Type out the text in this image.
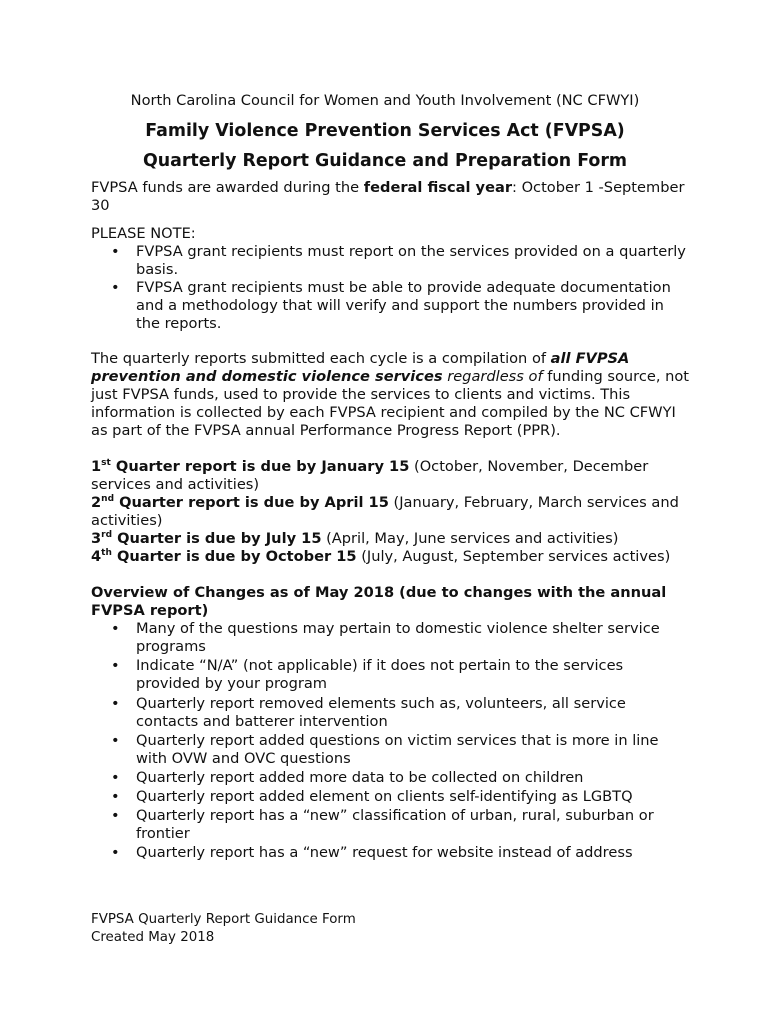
North Carolina Council for Women and Youth Involvement (NC CFWYI)

Family Violence Prevention Services Act (FVPSA)

Quarterly Report Guidance and Preparation Form

FVPSA funds are awarded during the federal fiscal year: October 1 -September 30

PLEASE NOTE:

• FVPSA grant recipients must report on the services provided on a quarterly basis.
• FVPSA grant recipients must be able to provide adequate documentation and a methodology that will verify and support the numbers provided in the reports.

The quarterly reports submitted each cycle is a compilation of all FVPSA prevention and domestic violence services regardless of funding source, not just FVPSA funds, used to provide the services to clients and victims. This information is collected by each FVPSA recipient and compiled by the NC CFWYI as part of the FVPSA annual Performance Progress Report (PPR).

1st Quarter report is due by January 15 (October, November, December services and activities)

2nd Quarter report is due by April 15 (January, February, March services and activities)

3rd Quarter is due by July 15 (April, May, June services and activities)

4th Quarter is due by October 15 (July, August, September services actives)

Overview of Changes as of May 2018 (due to changes with the annual FVPSA report)

• Many of the questions may pertain to domestic violence shelter service programs
• Indicate “N/A” (not applicable) if it does not pertain to the services provided by your program
• Quarterly report removed elements such as, volunteers, all service contacts and batterer intervention
• Quarterly report added questions on victim services that is more in line with OVW and OVC questions
• Quarterly report added more data to be collected on children
• Quarterly report added element on clients self-identifying as LGBTQ
• Quarterly report has a “new” classification of urban, rural, suburban or frontier
• Quarterly report has a “new” request for website instead of address

FVPSA Quarterly Report Guidance Form

Created May 2018
